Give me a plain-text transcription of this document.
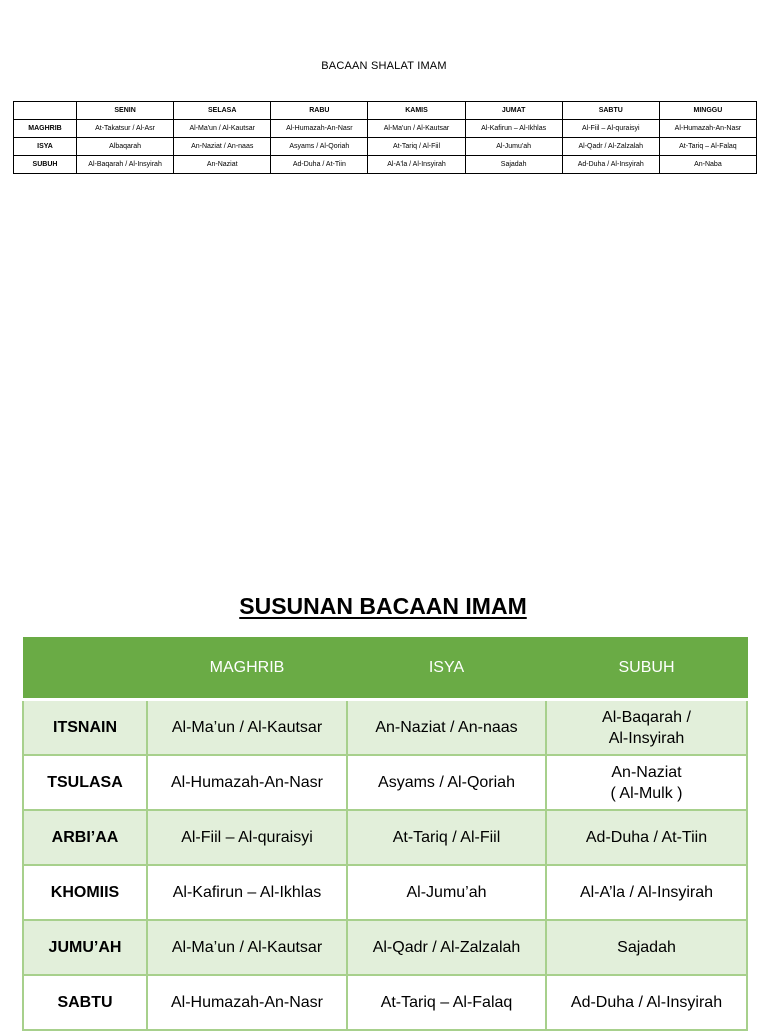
BACAAN SHALAT IMAM
	SENIN	SELASA	RABU	KAMIS	JUMAT	SABTU	MINGGU
MAGHRIB	At-Takatsur / Al-Asr	Al-Ma'un / Al-Kautsar	Al-Humazah-An-Nasr	Al-Ma'un / Al-Kautsar	Al-Kafirun – Al-Ikhlas	Al-Fiil – Al-quraisyi	Al-Humazah-An-Nasr
ISYA	Albaqarah	An-Naziat / An-naas	Asyams / Al-Qoriah	At-Tariq / Al-Fiil	Al-Jumu'ah	Al-Qadr / Al-Zalzalah	At-Tariq – Al-Falaq
SUBUH	Al-Baqarah / Al-Insyirah	An-Naziat	Ad-Duha / At-Tiin	Al-A'la / Al-Insyirah	Sajadah	Ad-Duha / Al-Insyirah	An-Naba
SUSUNAN BACAAN IMAM
	MAGHRIB	ISYA	SUBUH
ITSNAIN	Al-Ma’un / Al-Kautsar	An-Naziat / An-naas	Al-Baqarah /
Al-Insyirah

TSULASA	Al-Humazah-An-Nasr	Asyams / Al-Qoriah	An-Naziat
( Al-Mulk )

ARBI’AA	Al-Fiil – Al-quraisyi	At-Tariq / Al-Fiil	Ad-Duha / At-Tiin
KHOMIIS	Al-Kafirun – Al-Ikhlas	Al-Jumu’ah	Al-A’la / Al-Insyirah
JUMU’AH	Al-Ma’un / Al-Kautsar	Al-Qadr / Al-Zalzalah	Sajadah
SABTU	Al-Humazah-An-Nasr	At-Tariq – Al-Falaq	Ad-Duha / Al-Insyirah
